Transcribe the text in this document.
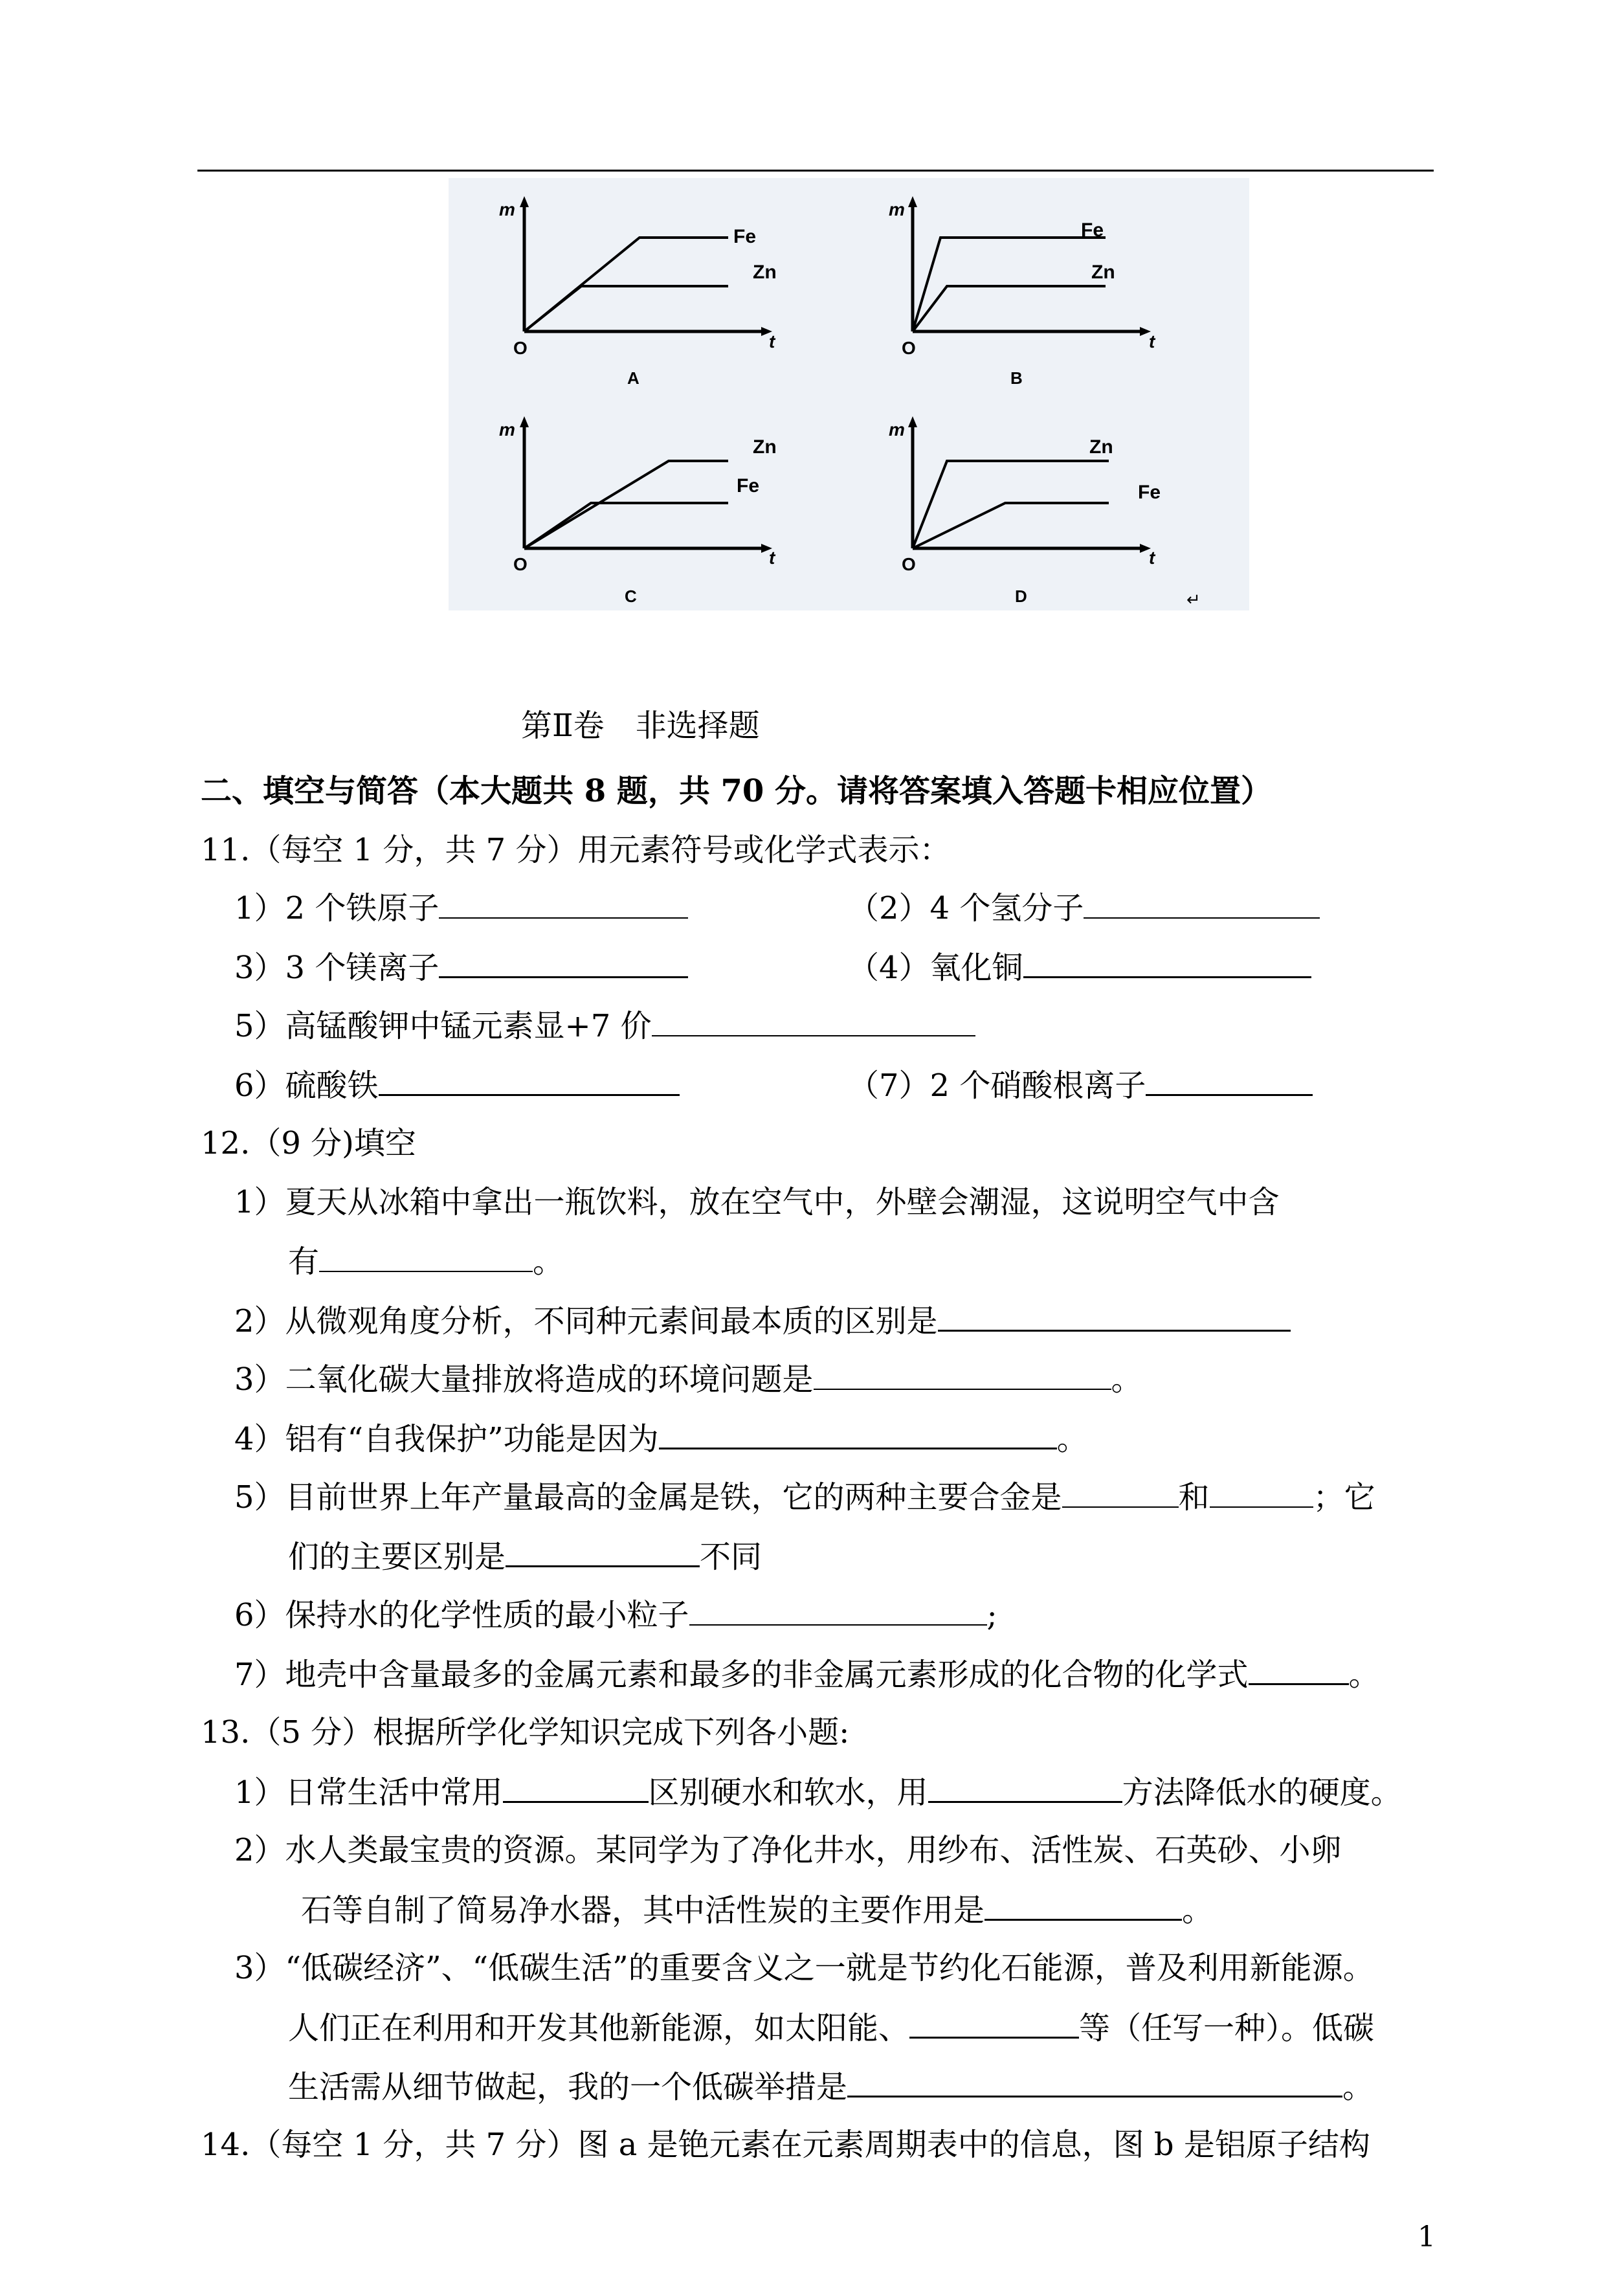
m
t
O
Fe
Zn
A
m
t
O
Fe
Zn
B
m
t
O
Zn
Fe
C
m
t
O
Zn
Fe
D	↵
第Ⅱ卷　非选择题
二、填空与简答（本大题共 8 题，共 70 分。请将答案填入答题卡相应位置）
11.（每空 1 分，共 7 分）用元素符号或化学式表示：
1）2 个铁原子	（2）4 个氢分子
3）3 个镁离子	（4）氧化铜
5）高锰酸钾中锰元素显+7 价
6）硫酸铁	（7）2 个硝酸根离子
12.（9 分)填空
1）夏天从冰箱中拿出一瓶饮料，放在空气中，外壁会潮湿，这说明空气中含
有	。
2）从微观角度分析，不同种元素间最本质的区别是
3）二氧化碳大量排放将造成的环境问题是	。
4）铝有“自我保护”功能是因为	。
5）目前世界上年产量最高的金属是铁，它的两种主要合金是	和	；它
们的主要区别是	不同
6）保持水的化学性质的最小粒子	;
7）地壳中含量最多的金属元素和最多的非金属元素形成的化合物的化学式	。
13.（5 分）根据所学化学知识完成下列各小题:
1）日常生活中常用	区别硬水和软水，用	方法降低水的硬度。
2）水人类最宝贵的资源。某同学为了净化井水，用纱布、活性炭、石英砂、小卵
石等自制了简易净水器，其中活性炭的主要作用是	。
3）“低碳经济”、“低碳生活”的重要含义之一就是节约化石能源，普及利用新能源。
人们正在利用和开发其他新能源，如太阳能、	等（任写一种）。低碳
生活需从细节做起，我的一个低碳举措是	。
14.（每空 1 分，共 7 分）图 a 是铯元素在元素周期表中的信息，图 b 是铝原子结构
1
